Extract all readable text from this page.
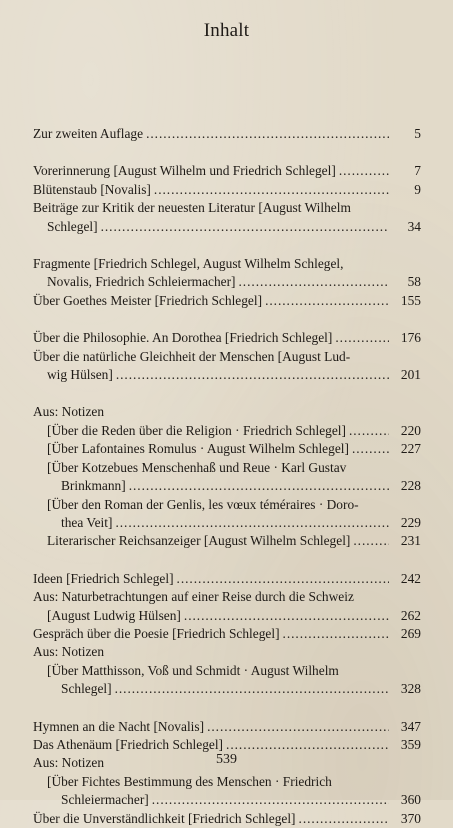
Inhalt
Zur zweiten Auflage . . .	5
Vorerinnerung [August Wilhelm und Friedrich Schlegel] . . .	7
Blütenstaub [Novalis] . . .	9
Beiträge zur Kritik der neuesten Literatur [August Wilhelm
Schlegel] . . .	34
Fragmente [Friedrich Schlegel, August Wilhelm Schlegel,
Novalis, Friedrich Schleiermacher] . . .	58
Über Goethes Meister [Friedrich Schlegel] . . .	155
Über die Philosophie. An Dorothea [Friedrich Schlegel] . . .	176
Über die natürliche Gleichheit der Menschen [August Lud-
wig Hülsen] . . .	201
Aus: Notizen
[Über die Reden über die Religion · Friedrich Schlegel] . . .	220
[Über Lafontaines Romulus · August Wilhelm Schlegel] . . .	227
[Über Kotzebues Menschenhaß und Reue · Karl Gustav
Brinkmann] . . .	228
[Über den Roman der Genlis, les vœux téméraires · Doro-
thea Veit] . . .	229
Literarischer Reichsanzeiger [August Wilhelm Schlegel] . . .	231
Ideen [Friedrich Schlegel] . . .	242
Aus: Naturbetrachtungen auf einer Reise durch die Schweiz
[August Ludwig Hülsen] . . .	262
Gespräch über die Poesie [Friedrich Schlegel] . . .	269
Aus: Notizen
[Über Matthisson, Voß und Schmidt · August Wilhelm
Schlegel] . . .	328
Hymnen an die Nacht [Novalis] . . .	347
Das Athenäum [Friedrich Schlegel] . . .	359
Aus: Notizen
[Über Fichtes Bestimmung des Menschen · Friedrich
Schleiermacher] . . .	360
Über die Unverständlichkeit [Friedrich Schlegel] . . .	370
539
